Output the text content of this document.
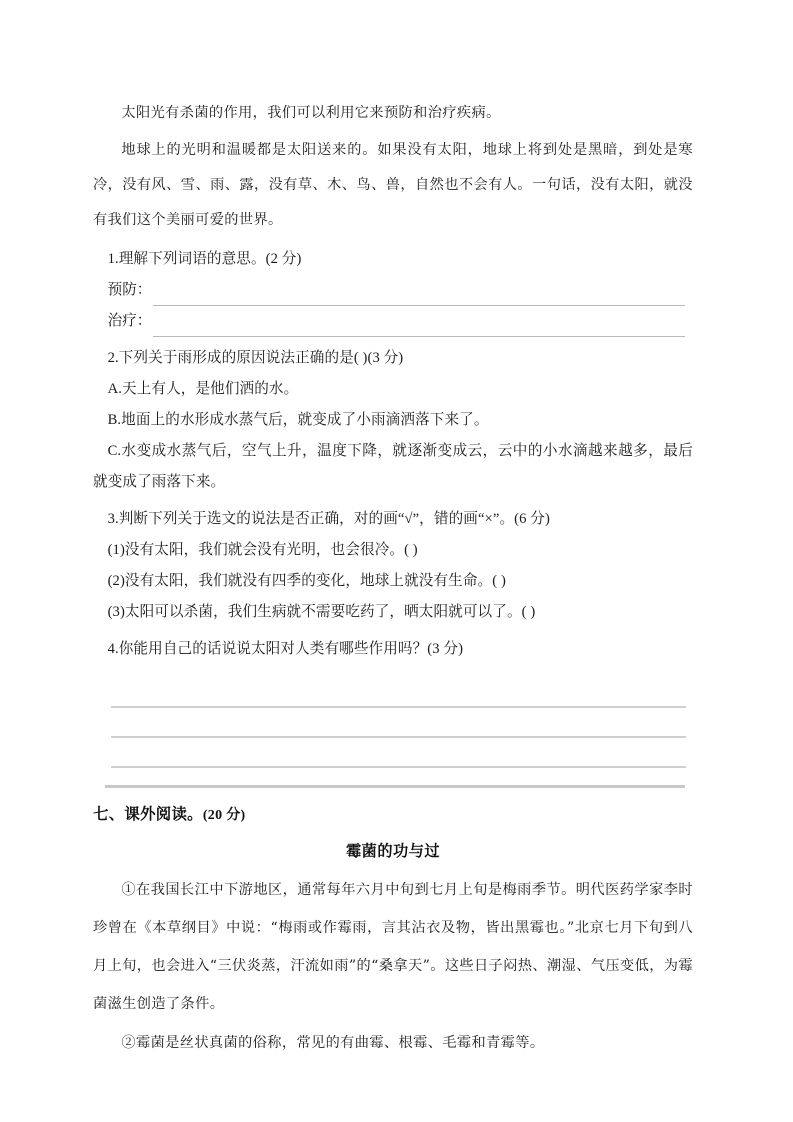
太阳光有杀菌的作用，我们可以利用它来预防和治疗疾病。

地球上的光明和温暖都是太阳送来的。如果没有太阳，地球上将到处是黑暗，到处是寒冷，没有风、雪、雨、露，没有草、木、鸟、兽，自然也不会有人。一句话，没有太阳，就没有我们这个美丽可爱的世界。

1.理解下列词语的意思。(2 分)
预防：
治疗：
2.下列关于雨形成的原因说法正确的是( )(3 分)
A.天上有人，是他们洒的水。
B.地面上的水形成水蒸气后，就变成了小雨滴洒落下来了。
C.水变成水蒸气后，空气上升，温度下降，就逐渐变成云，云中的小水滴越来越多，最后就变成了雨落下来。
3.判断下列关于选文的说法是否正确，对的画“√”，错的画“×”。(6 分)
(1)没有太阳，我们就会没有光明，也会很冷。( )
(2)没有太阳，我们就没有四季的变化，地球上就没有生命。( )
(3)太阳可以杀菌，我们生病就不需要吃药了，晒太阳就可以了。( )
4.你能用自己的话说说太阳对人类有哪些作用吗？(3 分)
七、课外阅读。(20 分)
霉菌的功与过

①在我国长江中下游地区，通常每年六月中旬到七月上旬是梅雨季节。明代医药学家李时珍曾在《本草纲目》中说：“梅雨或作霉雨，言其沾衣及物，皆出黑霉也。”北京七月下旬到八月上旬，也会进入“三伏炎蒸，汗流如雨”的“桑拿天”。这些日子闷热、潮湿、气压变低，为霉菌滋生创造了条件。

②霉菌是丝状真菌的俗称，常见的有曲霉、根霉、毛霉和青霉等。
